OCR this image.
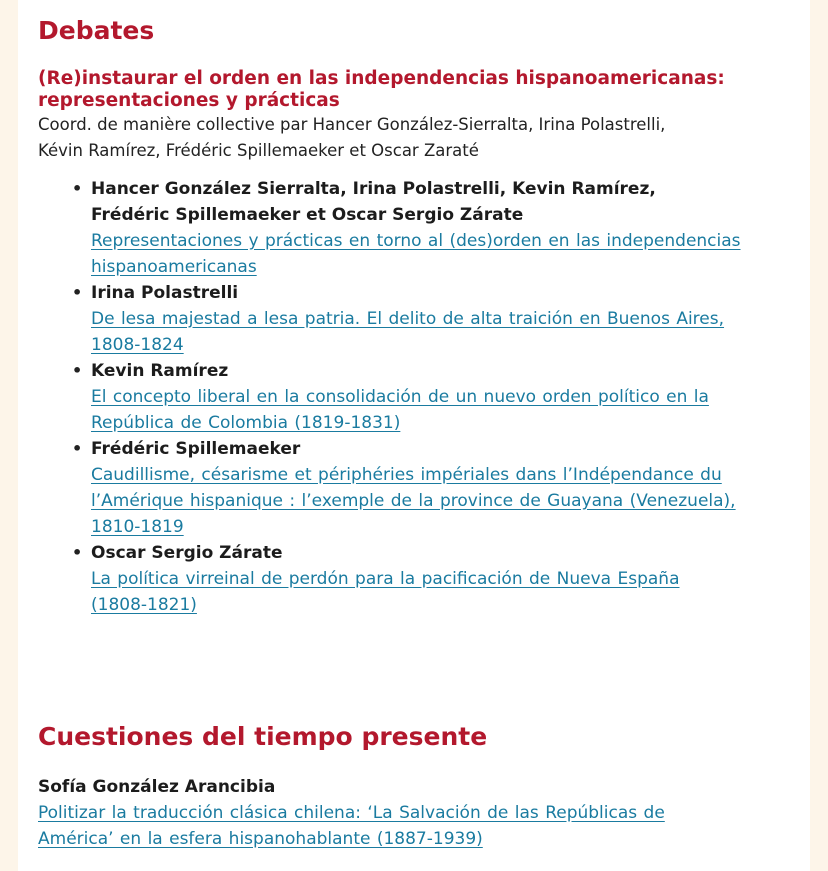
Debates
(Re)instaurar el orden en las independencias hispanoamericanas:
representaciones y prácticas
Coord. de manière collective par Hancer González-Sierralta, Irina Polastrelli,
Kévin Ramírez, Frédéric Spillemaeker et Oscar Zaraté
• Hancer González Sierralta, Irina Polastrelli, Kevin Ramírez,
Frédéric Spillemaeker et Oscar Sergio Zárate
Representaciones y prácticas en torno al (des)orden en las independencias
hispanoamericanas
• Irina Polastrelli
De lesa majestad a lesa patria. El delito de alta traición en Buenos Aires,
1808-1824
• Kevin Ramírez
El concepto liberal en la consolidación de un nuevo orden político en la
República de Colombia (1819-1831)
• Frédéric Spillemaeker
Caudillisme, césarisme et périphéries impériales dans l’Indépendance du
l’Amérique hispanique : l’exemple de la province de Guayana (Venezuela),
1810-1819
• Oscar Sergio Zárate
La política virreinal de perdón para la pacificación de Nueva España
(1808-1821)
Cuestiones del tiempo presente
Sofía González Arancibia
Politizar la traducción clásica chilena: ‘La Salvación de las Repúblicas de
América’ en la esfera hispanohablante (1887-1939)
